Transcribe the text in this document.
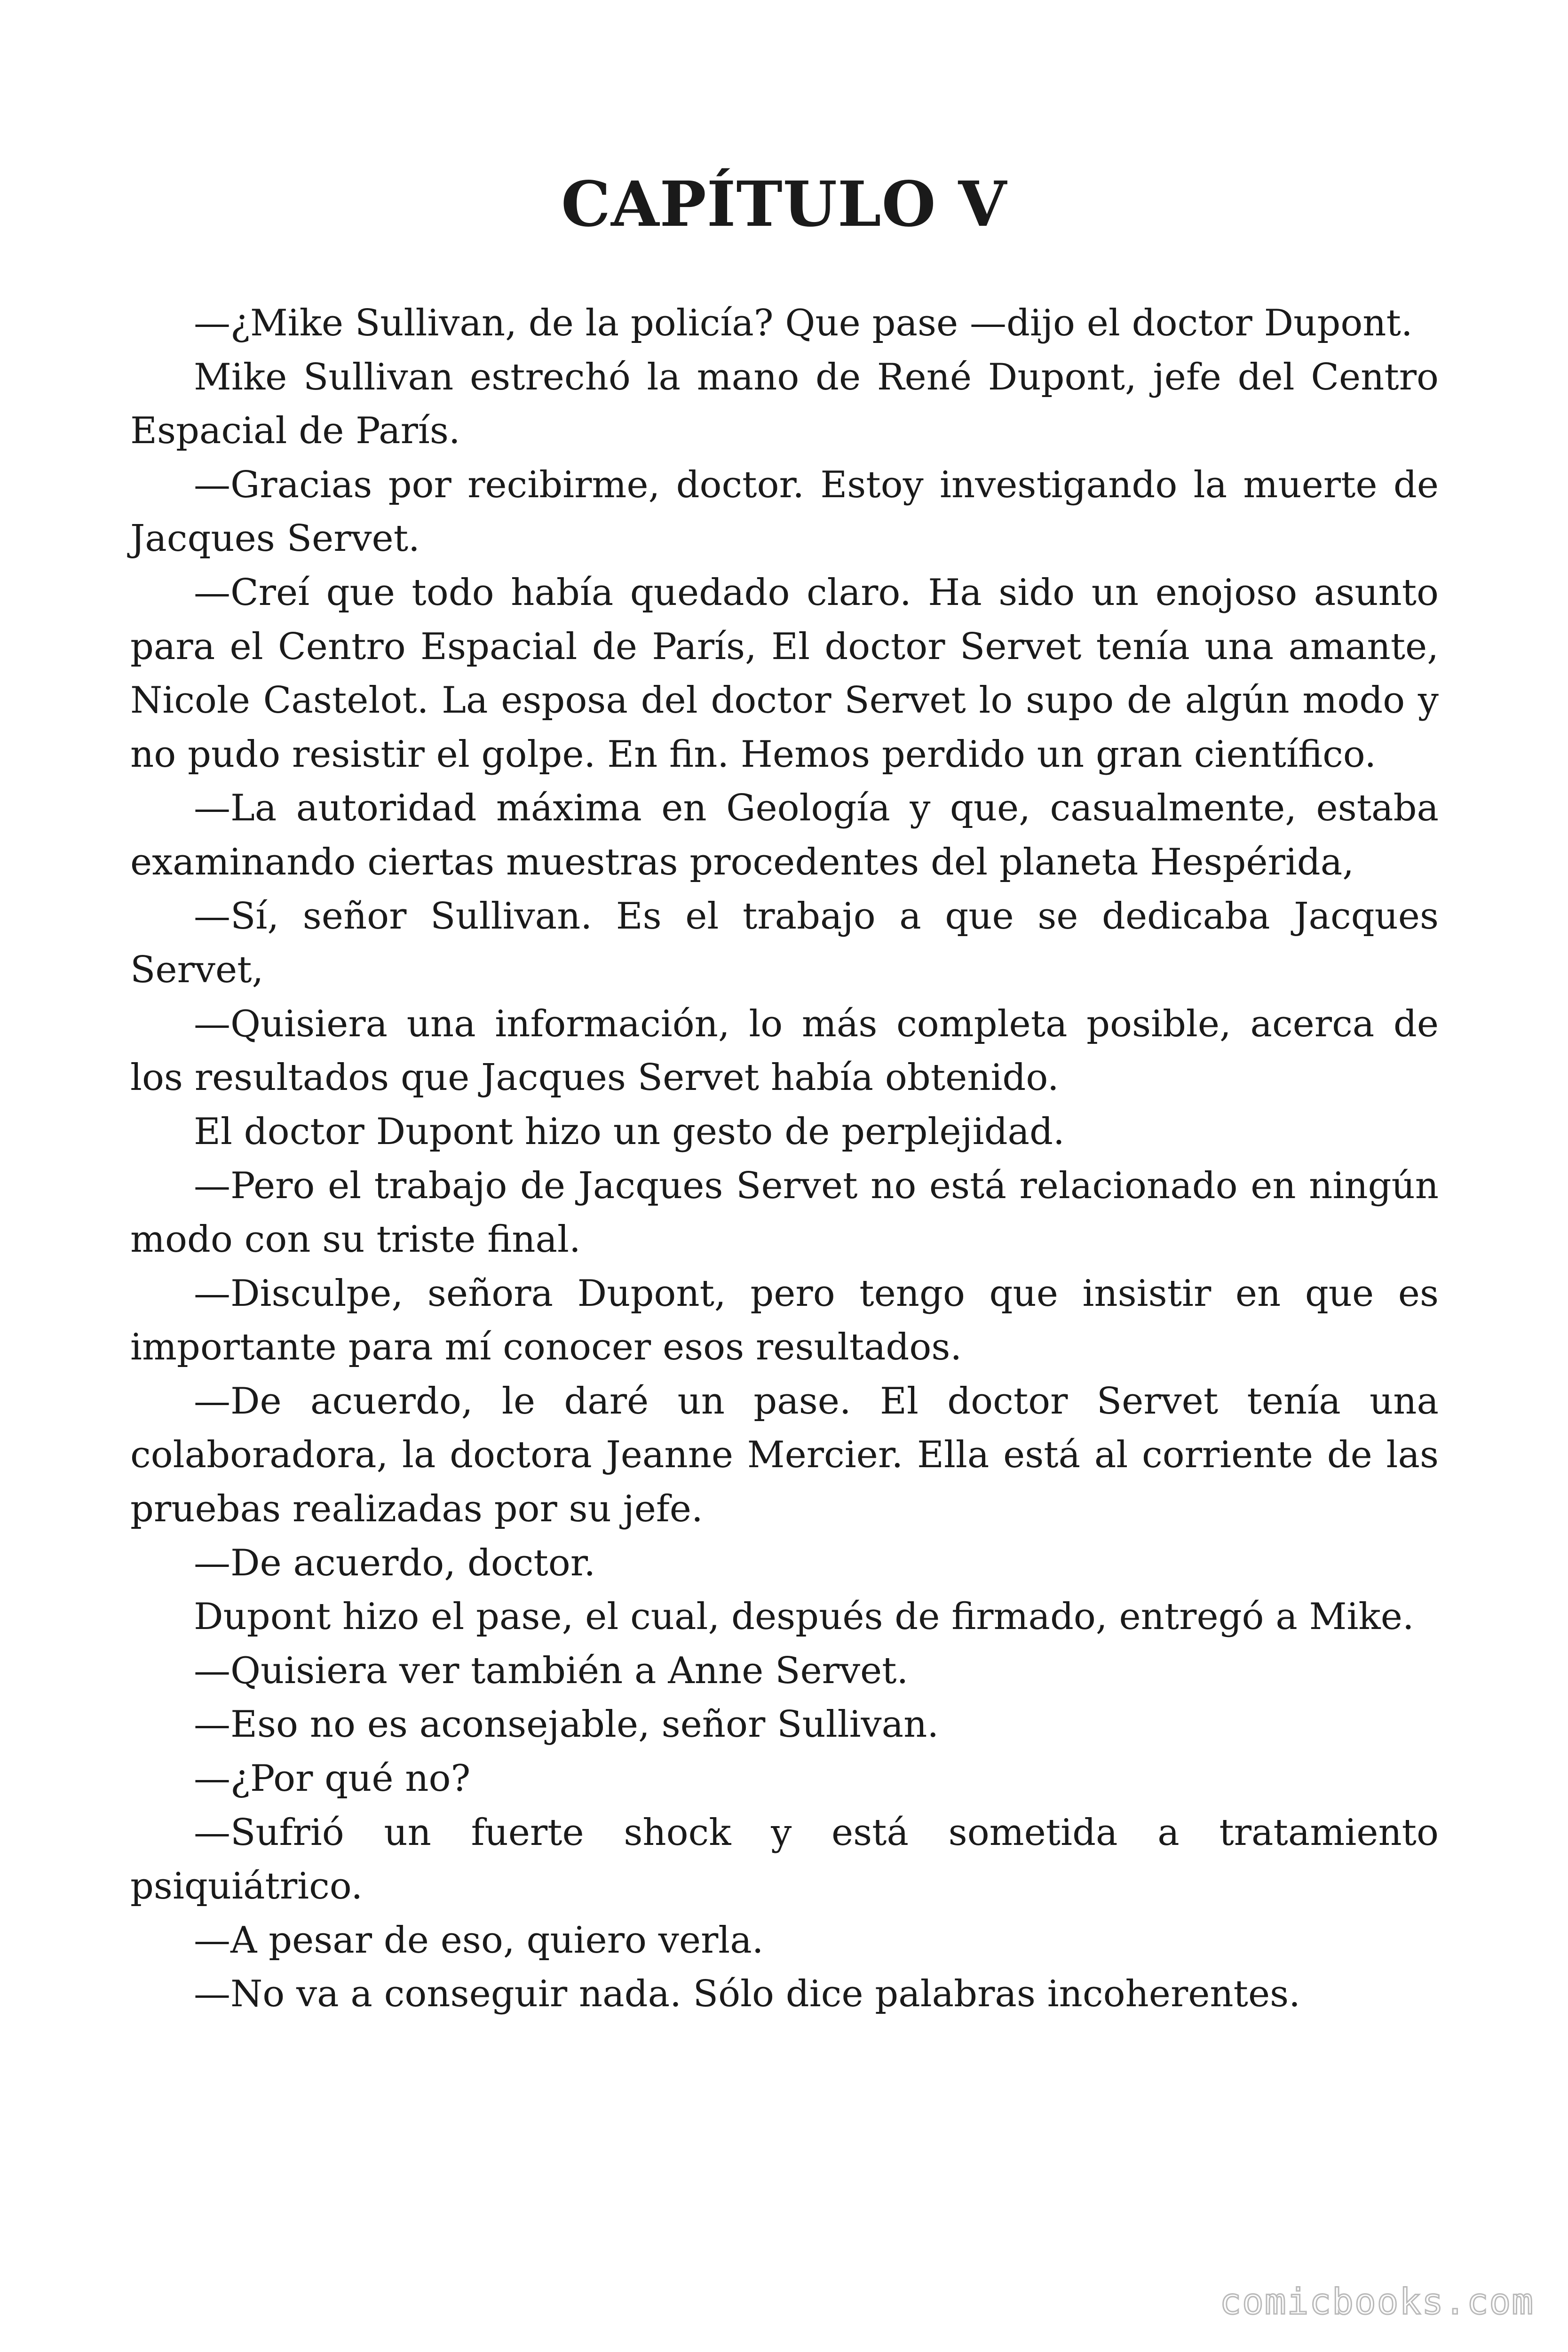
CAPÍTULO V

—¿Mike Sullivan, de la policía? Que pase —dijo el doctor Dupont.

Mike Sullivan estrechó la mano de René Dupont, jefe del Centro Espacial de París.

—Gracias por recibirme, doctor. Estoy investigando la muerte de Jacques Servet.

—Creí que todo había quedado claro. Ha sido un enojoso asunto para el Centro Espacial de París, El doctor Servet tenía una amante, Nicole Castelot. La esposa del doctor Servet lo supo de algún modo y no pudo resistir el golpe. En fin. Hemos perdido un gran científico.

—La autoridad máxima en Geología y que, casualmente, estaba examinando ciertas muestras procedentes del planeta Hespérida,

—Sí, señor Sullivan. Es el trabajo a que se dedicaba Jacques Servet,

—Quisiera una información, lo más completa posible, acerca de los resultados que Jacques Servet había obtenido.

El doctor Dupont hizo un gesto de perplejidad.

—Pero el trabajo de Jacques Servet no está relacionado en ningún modo con su triste final.

—Disculpe, señora Dupont, pero tengo que insistir en que es importante para mí conocer esos resultados.

—De acuerdo, le daré un pase. El doctor Servet tenía una colaboradora, la doctora Jeanne Mercier. Ella está al corriente de las pruebas realizadas por su jefe.

—De acuerdo, doctor.

Dupont hizo el pase, el cual, después de firmado, entregó a Mike.

—Quisiera ver también a Anne Servet.

—Eso no es aconsejable, señor Sullivan.

—¿Por qué no?

—Sufrió un fuerte shock y está sometida a tratamiento psiquiátrico.

—A pesar de eso, quiero verla.

—No va a conseguir nada. Sólo dice palabras incoherentes.

comicbooks.com
